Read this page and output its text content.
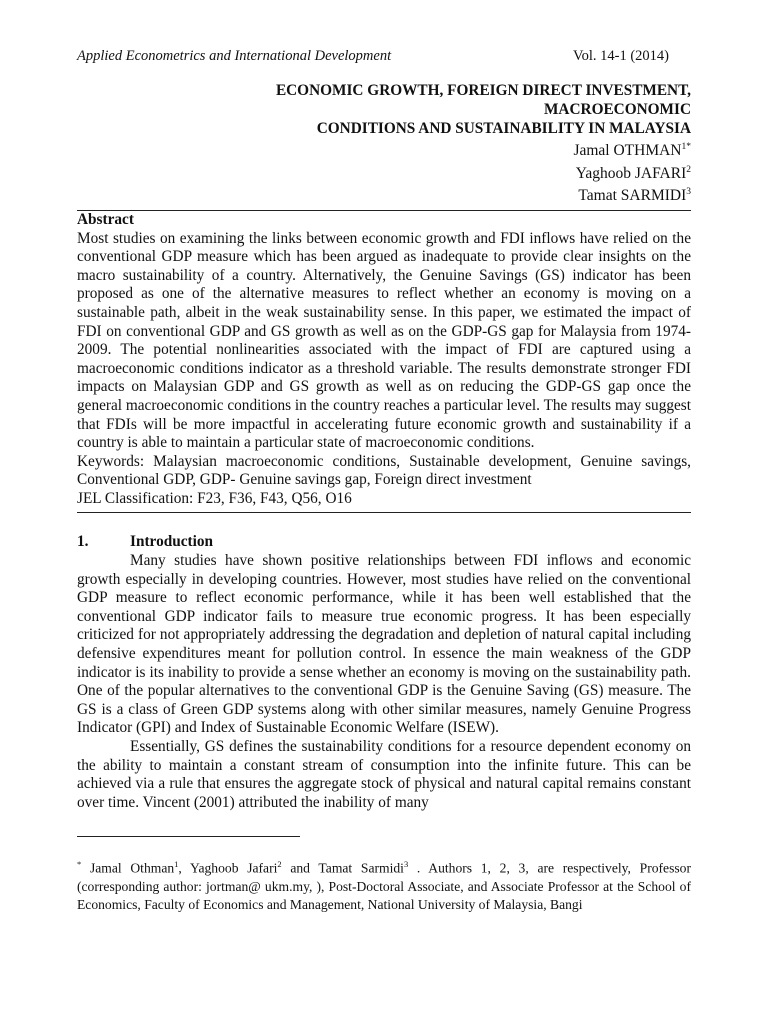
Applied Econometrics and International Development	Vol. 14-1 (2014)
ECONOMIC GROWTH, FOREIGN DIRECT INVESTMENT,
MACROECONOMIC
CONDITIONS AND SUSTAINABILITY IN MALAYSIA
Jamal $OTHMAN^{1*}$
Yaghoob JAFARI$^2$
Tamat SARMIDI$^3$
Abstract
Most studies on examining the links between economic growth and FDI inflows have relied on the conventional GDP measure which has been argued as inadequate to provide clear insights on the macro sustainability of a country. Alternatively, the Genuine Savings (GS) indicator has been proposed as one of the alternative measures to reflect whether an economy is moving on a sustainable path, albeit in the weak sustainability sense. In this paper, we estimated the impact of FDI on conventional GDP and GS growth as well as on the GDP-GS gap for Malaysia from 1974-2009. The potential nonlinearities associated with the impact of FDI are captured using a macroeconomic conditions indicator as a threshold variable. The results demonstrate stronger FDI impacts on Malaysian GDP and GS growth as well as on reducing the GDP-GS gap once the general macroeconomic conditions in the country reaches a particular level. The results may suggest that FDIs will be more impactful in accelerating future economic growth and sustainability if a country is able to maintain a particular state of macroeconomic conditions.
Keywords: Malaysian macroeconomic conditions, Sustainable development, Genuine savings, Conventional GDP, GDP- Genuine savings gap, Foreign direct investment
JEL Classification: F23, F36, F43, Q56, O16
1.	Introduction

Many studies have shown positive relationships between FDI inflows and economic growth especially in developing countries. However, most studies have relied on the conventional GDP measure to reflect economic performance, while it has been well established that the conventional GDP indicator fails to measure true economic progress. It has been especially criticized for not appropriately addressing the degradation and depletion of natural capital including defensive expenditures meant for pollution control. In essence the main weakness of the GDP indicator is its inability to provide a sense whether an economy is moving on the sustainability path. One of the popular alternatives to the conventional GDP is the Genuine Saving (GS) measure. The GS is a class of Green GDP systems along with other similar measures, namely Genuine Progress Indicator (GPI) and Index of Sustainable Economic Welfare (ISEW).

Essentially, GS defines the sustainability conditions for a resource dependent economy on the ability to maintain a constant stream of consumption into the infinite future. This can be achieved via a rule that ensures the aggregate stock of physical and natural capital remains constant over time. Vincent (2001) attributed the inability of many

* Jamal Othman$^1$, Yaghoob Jafari$^2$ and Tamat Sarmidi$^3$ . Authors 1, 2, 3, are respectively, Professor (corresponding author: jortman@ ukm.my, ), Post-Doctoral Associate, and Associate Professor at the School of Economics, Faculty of Economics and Management, National University of Malaysia, Bangi
